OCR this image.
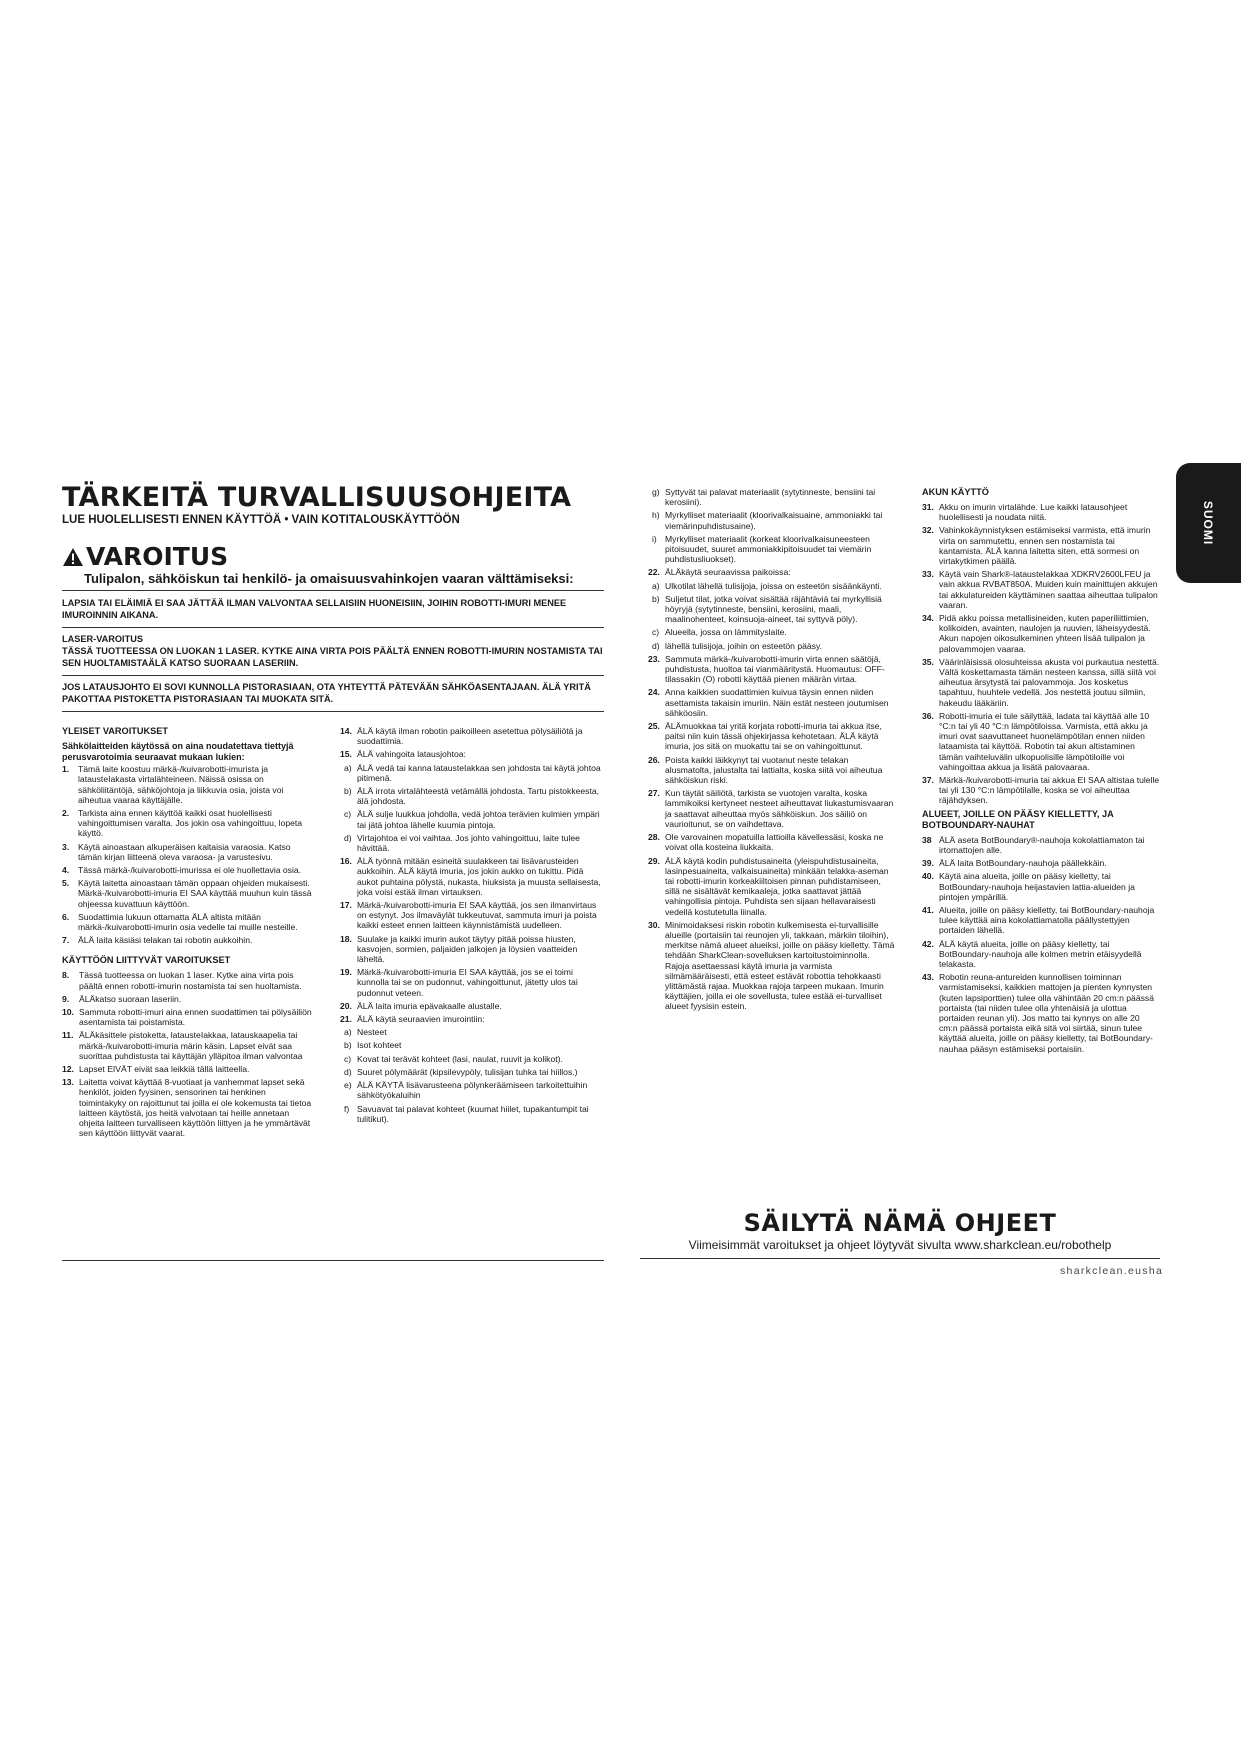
SUOMI
TÄRKEITÄ TURVALLISUUSOHJEITA

LUE HUOLELLISESTI ENNEN KÄYTTÖÄ • VAIN KOTITALOUSKÄYTTÖÖN

VAROITUS

Tulipalon, sähköiskun tai henkilö- ja omaisuusvahinkojen vaaran välttämiseksi:

LAPSIA TAI ELÄIMIÄ EI SAA JÄTTÄÄ ILMAN VALVONTAA SELLAISIIN HUONEISIIN, JOIHIN ROBOTTI-IMURI MENEE IMUROINNIN AIKANA.

LASER-VAROITUS

TÄSSÄ TUOTTEESSA ON LUOKAN 1 LASER. KYTKE AINA VIRTA POIS PÄÄLTÄ ENNEN ROBOTTI-IMURIN NOSTAMISTA TAI SEN HUOLTAMISTAÄLÄ KATSO SUORAAN LASERIIN.

JOS LATAUSJOHTO EI SOVI KUNNOLLA PISTORASIAAN, OTA YHTEYTTÄ PÄTEVÄÄN SÄHKÖASENTAJAAN. ÄLÄ YRITÄ PAKOTTAA PISTOKETTA PISTORASIAAN TAI MUOKATA SITÄ.

YLEISET VAROITUKSET

Sähkölaitteiden käytössä on aina noudatettava tiettyjä perusvarotoimia seuraavat mukaan lukien:

1.	Tämä laite koostuu märkä-/kuivarobotti-imurista ja latausteIakasta virtalähteineen. Näissä osissa on sähköliitäntöjä, sähköjohtoja ja liikkuvia osia, joista voi aiheutua vaaraa käyttäjälle.
2.	Tarkista aina ennen käyttöä kaikki osat huolellisesti vahingoittumisen varalta. Jos jokin osa vahingoittuu, lopeta käyttö.
3.	Käytä ainoastaan alkuperäisen kaltaisia varaosia. Katso tämän kirjan liitteenä oleva varaosa- ja varustesivu.
4.	Tässä märkä-/kuivarobotti-imurissa ei ole huollettavia osia.
5.	Käytä laitetta ainoastaan tämän oppaan ohjeiden mukaisesti. Märkä-/kuivarobotti-imuria EI SAA käyttää muuhun kuin tässä ohjeessa kuvattuun käyttöön.
6.	Suodattimia lukuun ottamatta ÄLÄ altista mitään märkä-/kuivarobotti-imurin osia vedelle tai muille nesteille.
7.	ÄLÄ laita käsiäsi telakan tai robotin aukkoihin.

KÄYTTÖÖN LIITTYVÄT VAROITUKSET

8.	Tässä tuotteessa on luokan 1 laser. Kytke aina virta pois päältä ennen robotti-imurin nostamista tai sen huoltamista.
9.	ÄLÄkatso suoraan laseriin.
10. Sammuta robotti-imuri aina ennen suodattimen tai pölysäiliön asentamista tai poistamista.
11. ÄLÄkäsittele pistoketta, latausteIakkaa, latauskaapelia tai märkä-/kuivarobotti-imuria märin käsin. Lapset eivät saa suorittaa puhdistusta tai käyttäjän ylläpitoa ilman valvontaa
12. Lapset EIVÄT eivät saa leikkiä tällä laitteella.
13. Laitetta voivat käyttää 8-vuotiaat ja vanhemmat lapset sekä henkilöt, joiden fyysinen, sensorinen tai henkinen toimintakyky on rajoittunut tai joilla ei ole kokemusta tai tietoa laitteen käytöstä, jos heitä valvotaan tai heille annetaan ohjeita laitteen turvalliseen käyttöön liittyen ja he ymmärtävät sen käyttöön liittyvät vaarat.
14. ÄLÄ käytä ilman robotin paikoilleen asetettua pölysäiliötä ja suodattimia.
15. ÄLÄ vahingoita latausjohtoa:
a) ÄLÄ vedä tai kanna latausteIakkaa sen johdosta tai käytä johtoa pitimenä.
b) ÄLÄ irrota virtalähteestä vetämällä johdosta. Tartu pistokkeesta, älä johdosta.
c) ÄLÄ sulje luukkua johdolla, vedä johtoa terävien kulmien ympäri tai jätä johtoa lähelle kuumia pintoja.
d) Virtajohtoa ei voi vaihtaa. Jos johto vahingoittuu, laite tulee hävittää.
16. ÄLÄ työnnä mitään esineitä suulakkeen tai lisävarusteiden aukkoihin. ÄLÄ käytä imuria, jos jokin aukko on tukittu. Pidä aukot puhtaina pölystä, nukasta, hiuksista ja muusta sellaisesta, joka voisi estää ilman virtauksen.
17. Märkä-/kuivarobotti-imuria EI SAA käyttää, jos sen ilmanvirtaus on estynyt. Jos ilmaväylät tukkeutuvat, sammuta imuri ja poista kaikki esteet ennen laitteen käynnistämistä uudelleen.
18. Suulake ja kaikki imurin aukot täytyy pitää poissa hiusten, kasvojen, sormien, paljaiden jalkojen ja löysien vaatteiden läheltä.
19. Märkä-/kuivarobotti-imuria EI SAA käyttää, jos se ei toimi kunnolla tai se on pudonnut, vahingoittunut, jätetty ulos tai pudonnut veteen.
20. ÄLÄ laita imuria epävakaalle alustalle.
21. ÄLÄ käytä seuraavien imurointiin:
a) Nesteet
b) Isot kohteet
c) Kovat tai terävät kohteet (lasi, naulat, ruuvit ja kolikot).
d) Suuret pölymäärät (kipsilevypöly, tulisijan tuhka tai hiillos.)
e) ÄLÄ KÄYTÄ lisävarusteena pölynkeräämiseen tarkoitettuihin sähkötyökaluihin
f) Savuavat tai palavat kohteet (kuumat hiilet, tupakantumpit tai tulitikut).
g) Syttyvät tai palavat materiaalit (sytytinneste, bensiini tai kerosiini).
h) Myrkylliset materiaalit (kloorivalkaisuaine, ammoniakki tai viemärinpuhdistusaine).
i) Myrkylliset materiaalit (korkeat kloorivalkaisuneesteen pitoisuudet, suuret ammoniakkipitoisuudet tai viemärin puhdistusliuokset).
22. ÄLÄkäytä seuraavissa paikoissa:
a) Ulkotilat lähellä tulisijoja, joissa on esteetön sisäänkäynti.
b) Suljetut tilat, jotka voivat sisältää räjähtäviä tai myrkyllisiä höyryjä (sytytinneste, bensiini, kerosiini, maali, maalinohenteet, koinsuoja-aineet, tai syttyvä pöly).
c) Alueella, jossa on lämmityslaite.
d) lähellä tulisijoja, joihin on esteetön pääsy.
23. Sammuta märkä-/kuivarobotti-imurin virta ennen säätöjä, puhdistusta, huoltoa tai vianmääritystä. Huomautus: OFF-tilassakin (O) robotti käyttää pienen määrän virtaa.
24. Anna kaikkien suodattimien kuivua täysin ennen niiden asettamista takaisin imuriin. Näin estät nesteen joutumisen sähköosiin.
25. ÄLÄmuokkaa tai yritä korjata robotti-imuria tai akkua itse, paitsi niin kuin tässä ohjekirjassa kehotetaan. ÄLÄ käytä imuria, jos sitä on muokattu tai se on vahingoittunut.
26. Poista kaikki läikkynyt tai vuotanut neste telakan alusmatolta, jalustalta tai lattialta, koska siitä voi aiheutua sähköiskun riski.
27. Kun täytät säiliötä, tarkista se vuotojen varalta, koska lammikoiksi kertyneet nesteet aiheuttavat liukastumisvaaran ja saattavat aiheuttaa myös sähköiskun. Jos säiliö on vaurioitunut, se on vaihdettava.
28. Ole varovainen mopatuilla lattioilla kävellessäsi, koska ne voivat olla kosteina liukkaita.
29. ÄLÄ käytä kodin puhdistusaineita (yleispuhdistusaineita, lasinpesuaineita, valkaisuaineita) minkään telakka-aseman tai robotti-imurin korkeakiiltoisen pinnan puhdistamiseen, sillä ne sisältävät kemikaaleja, jotka saattavat jättää vahingollisia pintoja. Puhdista sen sijaan hellavaraisesti vedellä kostutetulla liinalla.
30. Minimoidaksesi riskin robotin kulkemisesta ei-turvallisille alueille (portaisiin tai reunojen yli, takkaan, märkiin tiloihin), merkitse nämä alueet alueiksi, joille on pääsy kielletty. Tämä tehdään SharkClean-sovelluksen kartoitustoiminnolla. Rajoja asettaessasi käytä imuria ja varmista silmämääräisesti, että esteet estävät robottia tehokkaasti ylittämästä rajaa. Muokkaa rajoja tarpeen mukaan. Imurin käyttäjien, joilla ei ole sovellusta, tulee estää ei-turvalliset alueet fyysisin estein.

AKUN KÄYTTÖ

31. Akku on imurin virtalähde. Lue kaikki latausohjeet huolellisesti ja noudata niitä.
32. Vahinkokäynnistyksen estämiseksi varmista, että imurin virta on sammutettu, ennen sen nostamista tai kantamista. ÄLÄ kanna laitetta siten, että sormesi on virtakytkimen päällä.
33. Käytä vain Shark®-latausteIakkaa XDKRV2600LFEU ja vain akkua RVBAT850A. Muiden kuin mainittujen akkujen tai akkulatureiden käyttäminen saattaa aiheuttaa tulipalon vaaran.
34. Pidä akku poissa metallisineiden, kuten paperiliittimien, kolikoiden, avainten, naulojen ja ruuvien, läheisyydestä. Akun napojen oikosulkeminen yhteen lisää tulipalon ja palovammojen vaaraa.
35. Väärinläisissä olosuhteissa akusta voi purkautua nestettä. Vältä koskettamasta tämän nesteen kanssa, sillä siitä voi aiheutua ärsytystä tai palovammoja. Jos kosketus tapahtuu, huuhtele vedellä. Jos nestettä joutuu silmiin, hakeudu lääkäriin.
36. Robotti-imuria ei tule säilyttää, ladata tai käyttää alle 10 °C:n tai yli 40 °C:n lämpötiloissa. Varmista, että akku ja imuri ovat saavuttaneet huonelämpötilan ennen niiden lataamista tai käyttöä. Robotin tai akun altistaminen tämän vaihteluvälin ulkopuolisille lämpötiloille voi vahingoittaa akkua ja lisätä palovaaraa.
37. Märkä-/kuivarobotti-imuria tai akkua EI SAA altistaa tulelle tai yli 130 °C:n lämpötilalle, koska se voi aiheuttaa räjähdyksen.

ALUEET, JOILLE ON PÄÄSY KIELLETTY, JA BOTBOUNDARY-NAUHAT

38 ÄLÄ aseta BotBoundary®-nauhoja kokolattiamaton tai irtomattojen alle.
39. ÄLÄ laita BotBoundary-nauhoja päällekkäin.
40. Käytä aina alueita, joille on pääsy kielletty, tai BotBoundary-nauhoja heijastavien lattia-alueiden ja pintojen ympärillä.
41. Alueita, joille on pääsy kielletty, tai BotBoundary-nauhoja tulee käyttää aina kokolattiamatolla päällystettyjen portaiden lähellä.
42. ÄLÄ käytä alueita, joille on pääsy kielletty, tai BotBoundary-nauhoja alle kolmen metrin etäisyydellä telakasta.
43. Robotin reuna-antureiden kunnollisen toiminnan varmistamiseksi, kaikkien mattojen ja pienten kynnysten (kuten lapsiporttien) tulee olla vähintään 20 cm:n päässä portaista (tai niiden tulee olla yhtenäisiä ja ulottua portaiden reunan yli). Jos matto tai kynnys on alle 20 cm:n päässä portaista eikä sitä voi siirtää, sinun tulee käyttää alueita, joille on pääsy kielletty, tai BotBoundary-nauhaa pääsyn estämiseksi portaisiin.
SÄILYTÄ NÄMÄ OHJEET
Viimeisimmät varoitukset ja ohjeet löytyvät sivulta www.sharkclean.eu/robothelp
sharkclean.eusha
